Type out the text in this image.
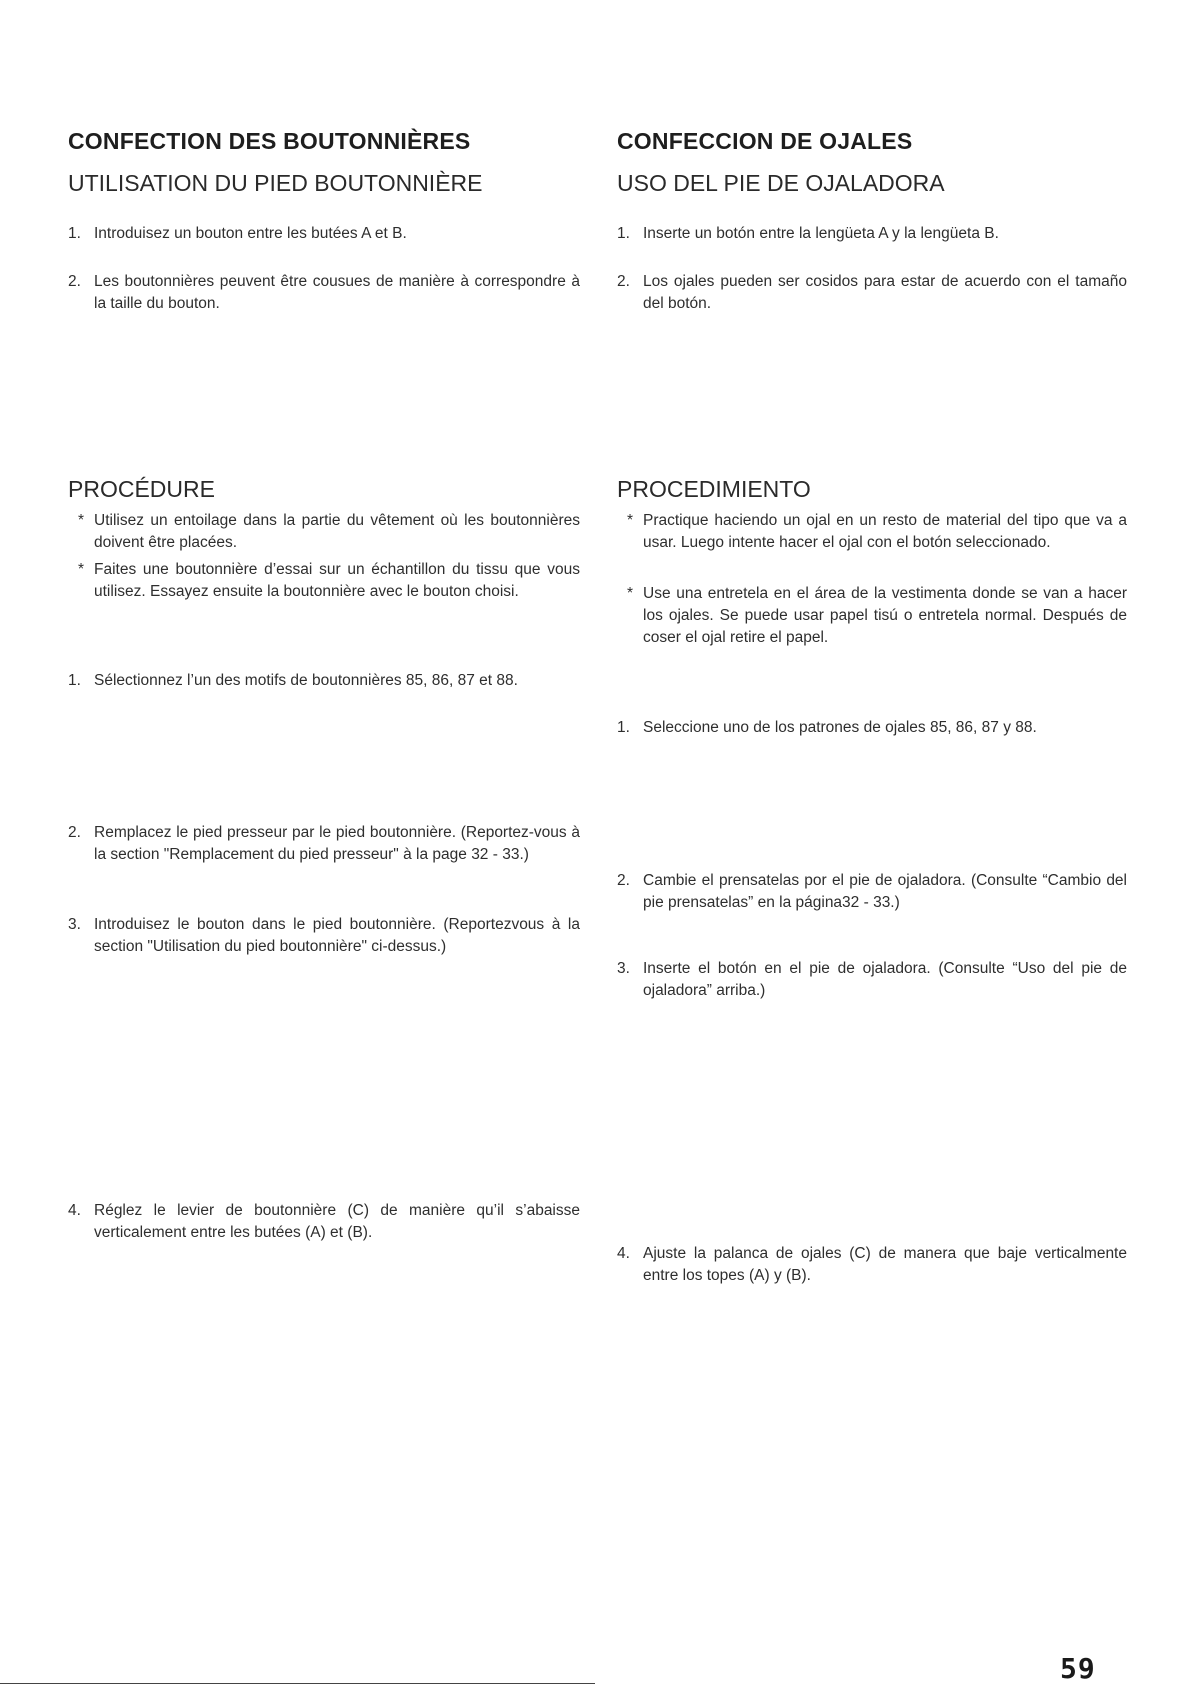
CONFECTION DES BOUTONNIÈRES
UTILISATION DU PIED BOUTONNIÈRE
1. Introduisez un bouton entre les butées A et B.
2. Les boutonnières peuvent être cousues de manière à correspondre à la taille du bouton.
PROCÉDURE
* Utilisez un entoilage dans la partie du vêtement où les boutonnières doivent être placées.
* Faites une boutonnière d’essai sur un échantillon du tissu que vous utilisez. Essayez ensuite la boutonnière avec le bouton choisi.
1. Sélectionnez l’un des motifs de boutonnières 85, 86, 87 et 88.
2. Remplacez le pied presseur par le pied boutonnière. (Reportez-vous à la section "Remplacement du pied presseur" à la page 32 - 33.)
3. Introduisez le bouton dans le pied boutonnière. (Reportezvous à la section "Utilisation du pied boutonnière" ci-dessus.)
4. Réglez le levier de boutonnière (C) de manière qu’il s’abaisse verticalement entre les butées (A) et (B).
CONFECCION DE OJALES
USO DEL PIE DE OJALADORA
1. Inserte un botón entre la lengüeta A y la lengüeta B.
2. Los ojales pueden ser cosidos para estar de acuerdo con el tamaño del botón.
PROCEDIMIENTO
* Practique haciendo un ojal en un resto de material del tipo que va a usar. Luego intente hacer el ojal con el botón seleccionado.
* Use una entretela en el área de la vestimenta donde se van a hacer los ojales. Se puede usar papel tisú o entretela normal. Después de coser el ojal retire el papel.
1. Seleccione uno de los patrones de ojales 85, 86, 87 y 88.
2. Cambie el prensatelas por el pie de ojaladora. (Consulte “Cambio del pie prensatelas” en la página32 - 33.)
3. Inserte el botón en el pie de ojaladora. (Consulte “Uso del pie de ojaladora” arriba.)
4. Ajuste la palanca de ojales (C) de manera que baje verticalmente entre los topes (A) y (B).
59
